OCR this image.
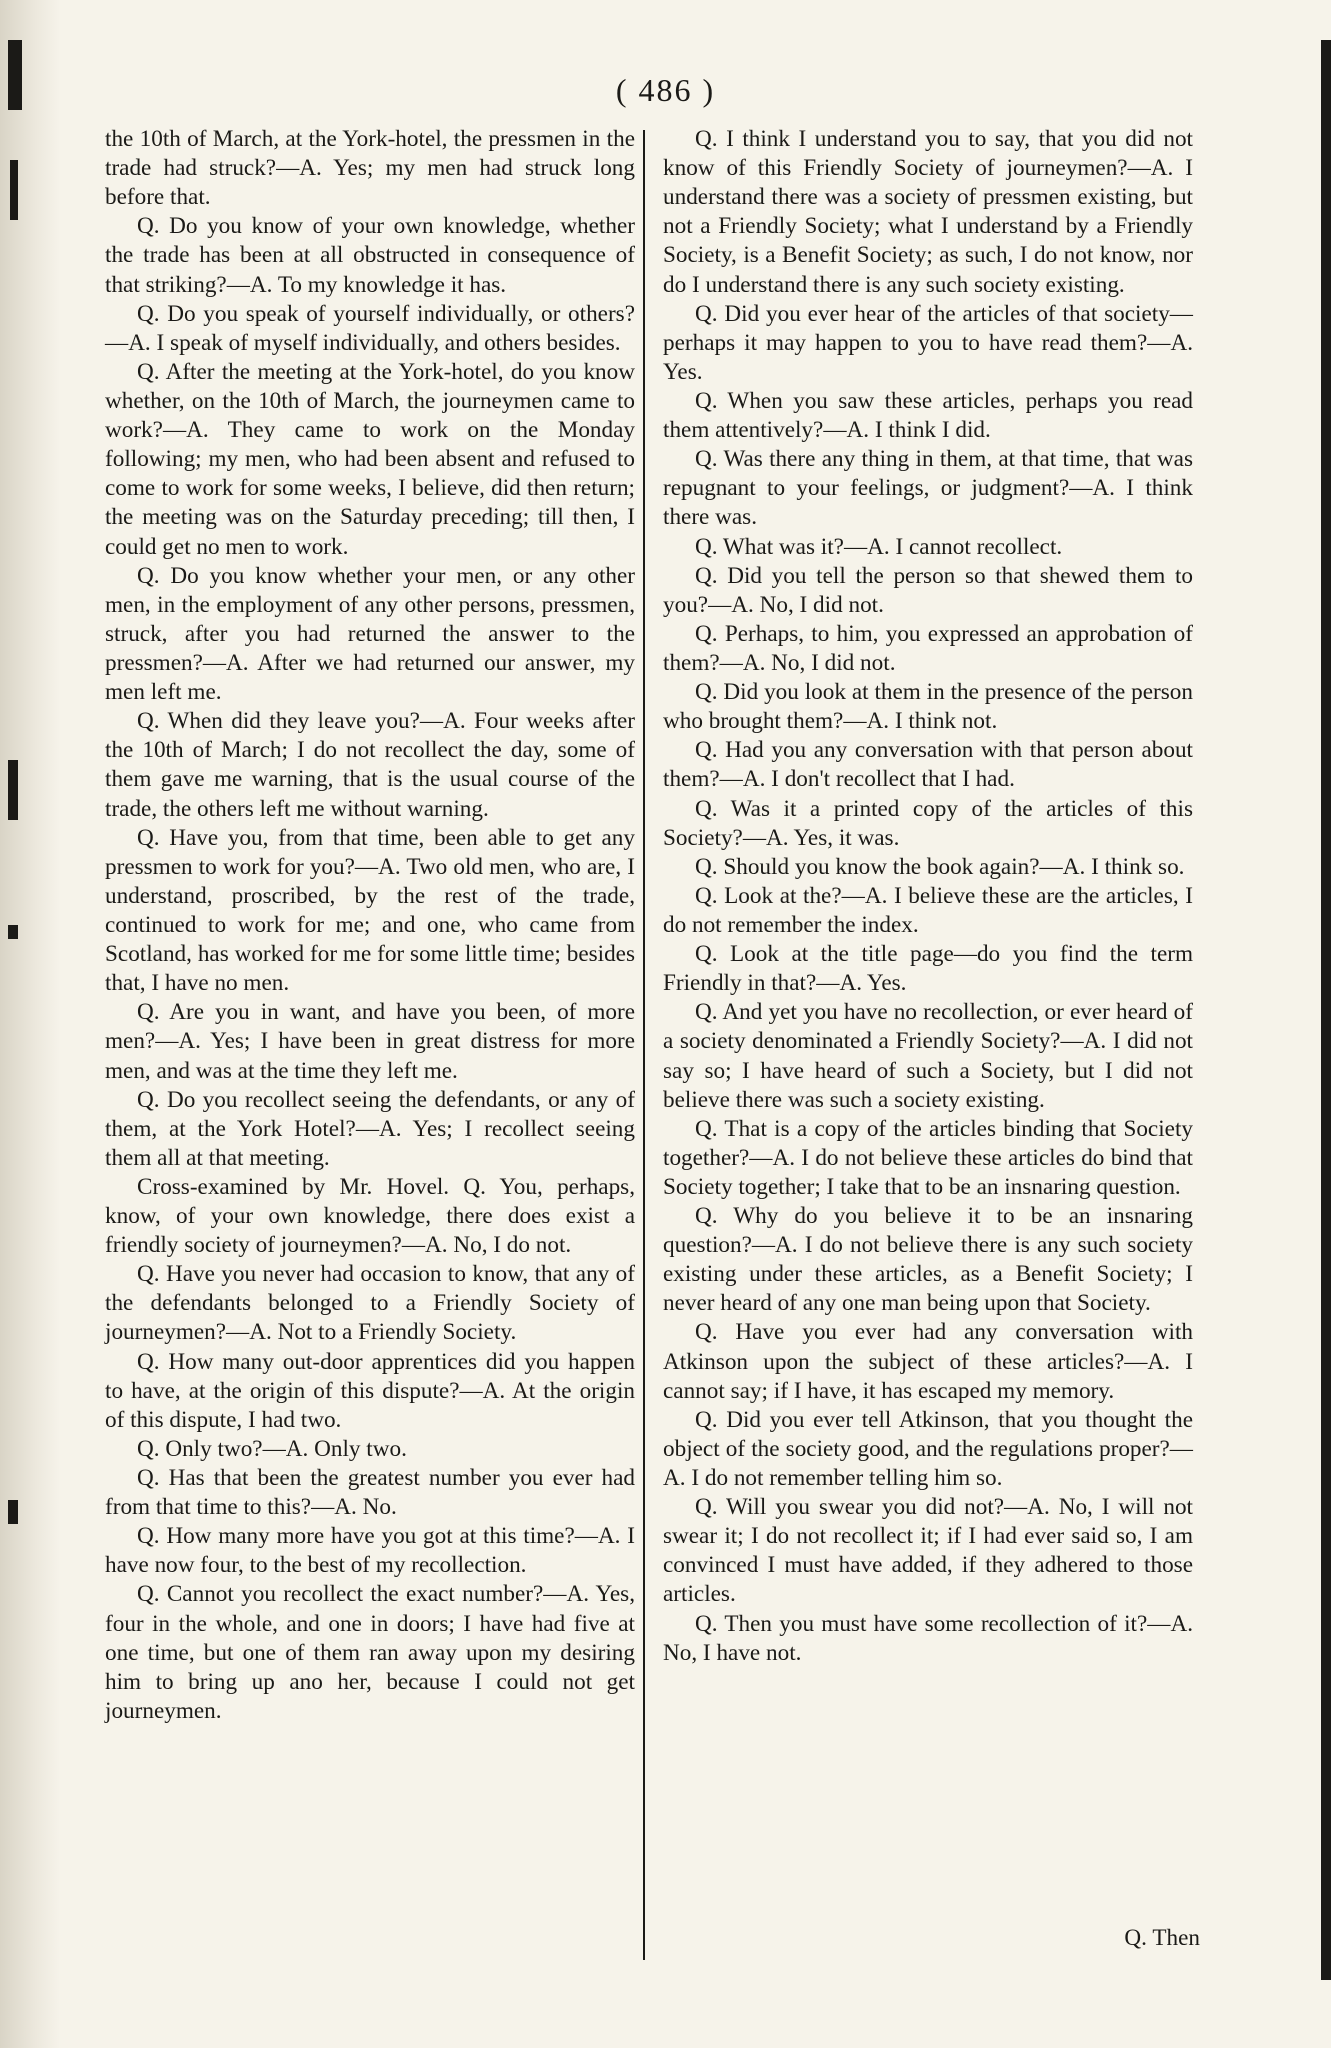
( 486 )

the 10th of March, at the York-hotel, the pressmen in the trade had struck?—A. Yes; my men had struck long before that.

Q. Do you know of your own knowledge, whether the trade has been at all obstructed in consequence of that striking?—A. To my knowledge it has.

Q. Do you speak of yourself individually, or others?—A. I speak of myself individually, and others besides.

Q. After the meeting at the York-hotel, do you know whether, on the 10th of March, the journeymen came to work?—A. They came to work on the Monday following; my men, who had been absent and refused to come to work for some weeks, I believe, did then return; the meeting was on the Saturday preceding; till then, I could get no men to work.

Q. Do you know whether your men, or any other men, in the employment of any other persons, pressmen, struck, after you had returned the answer to the pressmen?—A. After we had returned our answer, my men left me.

Q. When did they leave you?—A. Four weeks after the 10th of March; I do not recollect the day, some of them gave me warning, that is the usual course of the trade, the others left me without warning.

Q. Have you, from that time, been able to get any pressmen to work for you?—A. Two old men, who are, I understand, proscribed, by the rest of the trade, continued to work for me; and one, who came from Scotland, has worked for me for some little time; besides that, I have no men.

Q. Are you in want, and have you been, of more men?—A. Yes; I have been in great distress for more men, and was at the time they left me.

Q. Do you recollect seeing the defendants, or any of them, at the York Hotel?—A. Yes; I recollect seeing them all at that meeting.

Cross-examined by Mr. Hovel. Q. You, perhaps, know, of your own knowledge, there does exist a friendly society of journeymen?—A. No, I do not.

Q. Have you never had occasion to know, that any of the defendants belonged to a Friendly Society of journeymen?—A. Not to a Friendly Society.

Q. How many out-door apprentices did you happen to have, at the origin of this dispute?—A. At the origin of this dispute, I had two.

Q. Only two?—A. Only two.

Q. Has that been the greatest number you ever had from that time to this?—A. No.

Q. How many more have you got at this time?—A. I have now four, to the best of my recollection.

Q. Cannot you recollect the exact number?—A. Yes, four in the whole, and one in doors; I have had five at one time, but one of them ran away upon my desiring him to bring up ano her, because I could not get journeymen.

Q. I think I understand you to say, that you did not know of this Friendly Society of journeymen?—A. I understand there was a society of pressmen existing, but not a Friendly Society; what I understand by a Friendly Society, is a Benefit Society; as such, I do not know, nor do I understand there is any such society existing.

Q. Did you ever hear of the articles of that society—perhaps it may happen to you to have read them?—A. Yes.

Q. When you saw these articles, perhaps you read them attentively?—A. I think I did.

Q. Was there any thing in them, at that time, that was repugnant to your feelings, or judgment?—A. I think there was.

Q. What was it?—A. I cannot recollect.

Q. Did you tell the person so that shewed them to you?—A. No, I did not.

Q. Perhaps, to him, you expressed an approbation of them?—A. No, I did not.

Q. Did you look at them in the presence of the person who brought them?—A. I think not.

Q. Had you any conversation with that person about them?—A. I don't recollect that I had.

Q. Was it a printed copy of the articles of this Society?—A. Yes, it was.

Q. Should you know the book again?—A. I think so.

Q. Look at the?—A. I believe these are the articles, I do not remember the index.

Q. Look at the title page—do you find the term Friendly in that?—A. Yes.

Q. And yet you have no recollection, or ever heard of a society denominated a Friendly Society?—A. I did not say so; I have heard of such a Society, but I did not believe there was such a society existing.

Q. That is a copy of the articles binding that Society together?—A. I do not believe these articles do bind that Society together; I take that to be an insnaring question.

Q. Why do you believe it to be an insnaring question?—A. I do not believe there is any such society existing under these articles, as a Benefit Society; I never heard of any one man being upon that Society.

Q. Have you ever had any conversation with Atkinson upon the subject of these articles?—A. I cannot say; if I have, it has escaped my memory.

Q. Did you ever tell Atkinson, that you thought the object of the society good, and the regulations proper?—A. I do not remember telling him so.

Q. Will you swear you did not?—A. No, I will not swear it; I do not recollect it; if I had ever said so, I am convinced I must have added, if they adhered to those articles.

Q. Then you must have some recollection of it?—A. No, I have not.

Q. Then
